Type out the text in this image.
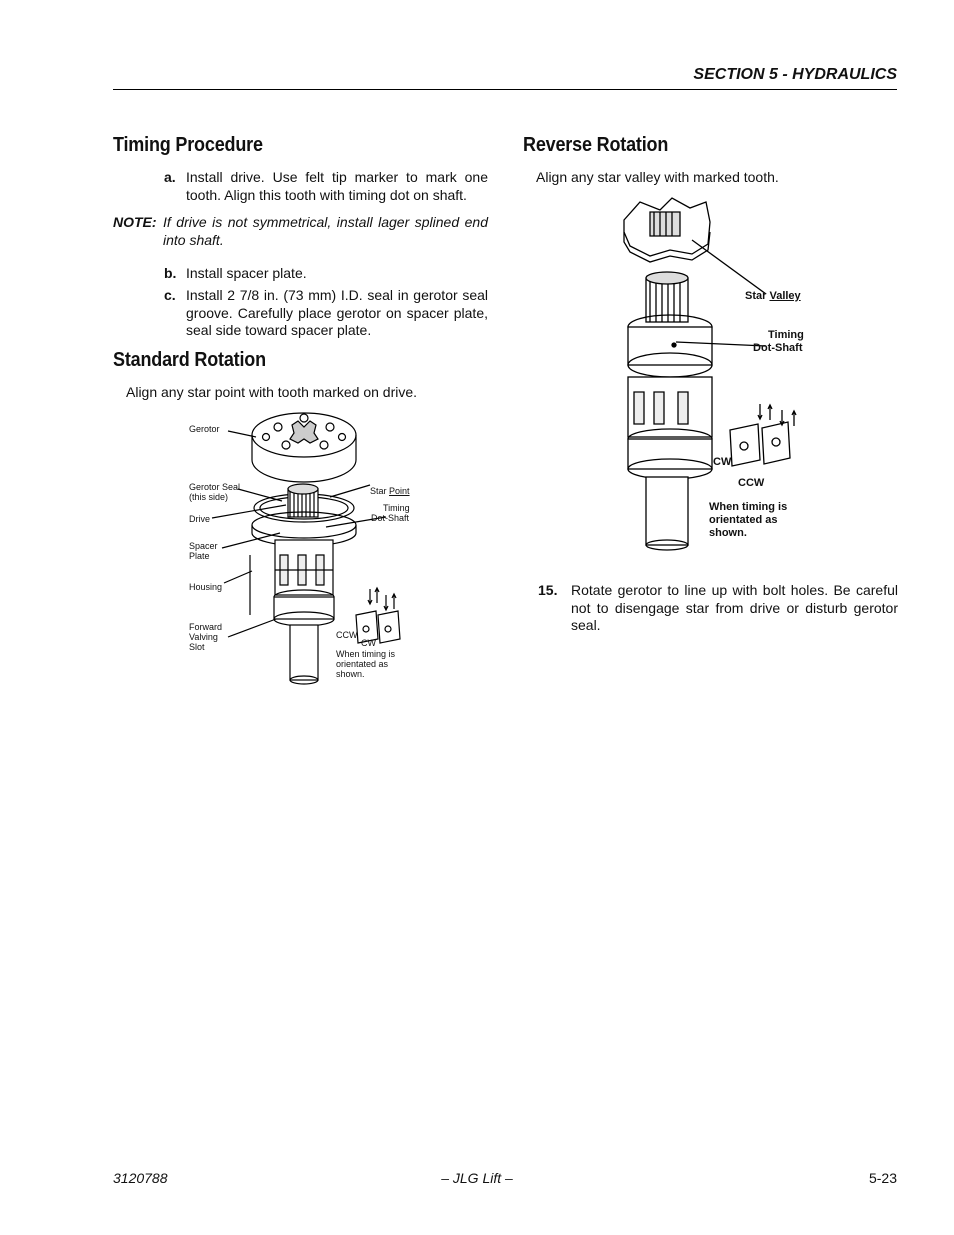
SECTION 5 - HYDRAULICS
Timing Procedure
a. Install drive. Use felt tip marker to mark one tooth. Align this tooth with timing dot on shaft.
NOTE: If drive is not symmetrical, install lager splined end into shaft.
b. Install spacer plate.
c. Install 2 7/8 in. (73 mm) I.D. seal in gerotor seal groove. Carefully place gerotor on spacer plate, seal side toward spacer plate.
Standard Rotation
Align any star point with tooth marked on drive.
Gerotor
Gerotor Seal
(this side)
Drive
Spacer
Plate
Housing
Forward
Valving
Slot
Star Point
Timing
Dot-Shaft
CCW
CW
When timing is
orientated as
shown.
Reverse Rotation
Align any star valley with marked tooth.
Star Valley
Timing
Dot-Shaft
CW
CCW
When timing is
orientated as
shown.
15. Rotate gerotor to line up with bolt holes. Be careful not to disengage star from drive or disturb gerotor seal.
3120788	– JLG Lift –	5-23
